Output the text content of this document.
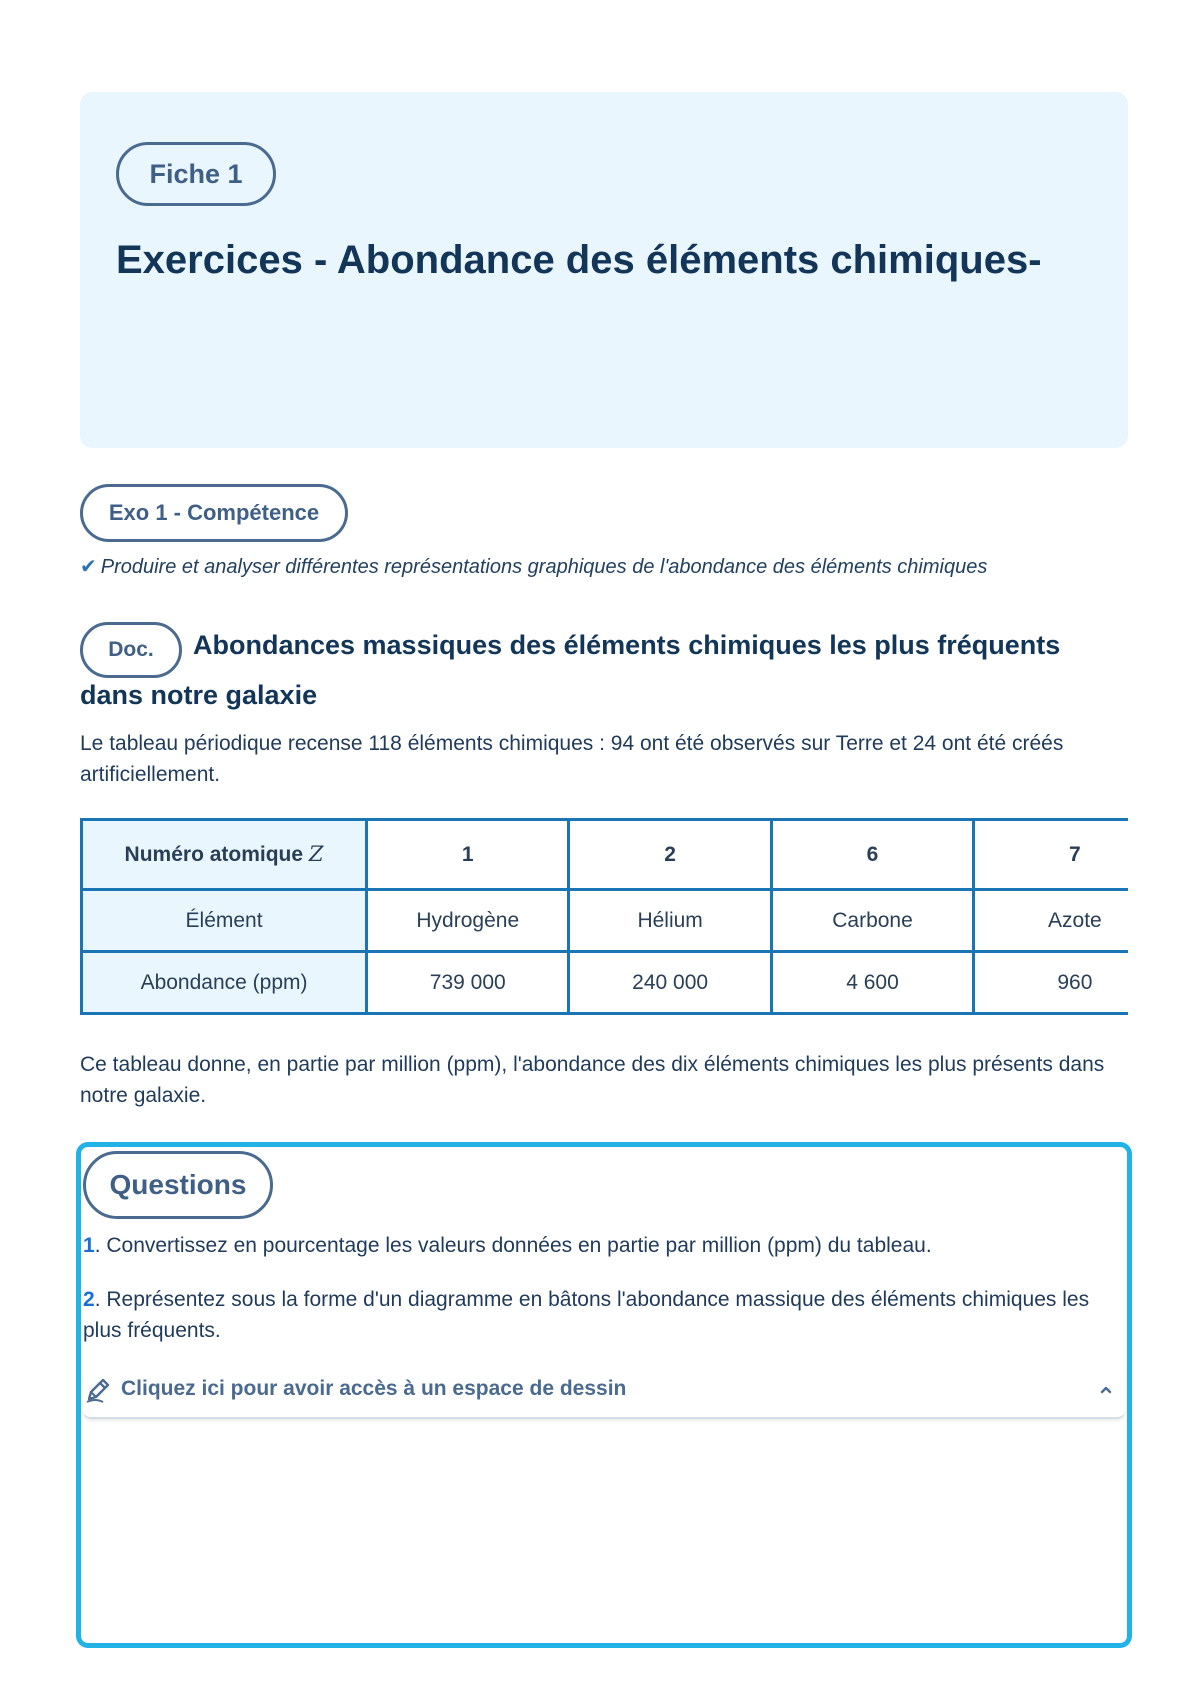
Fiche 1
Exercices - Abondance des éléments chimiques-
Exo 1 - Compétence
✔ Produire et analyser différentes représentations graphiques de l'abondance des éléments chimiques
Doc.	Abondances massiques des éléments chimiques les plus fréquents
dans notre galaxie
Le tableau périodique recense 118 éléments chimiques : 94 ont été observés sur Terre et 24 ont été créés artificiellement.
Numéro atomique Z	1	2	6	7	
Élément	Hydrogène	Hélium	Carbone	Azote	
Abondance (ppm)	739 000	240 000	4 600	960	
Ce tableau donne, en partie par million (ppm), l'abondance des dix éléments chimiques les plus présents dans notre galaxie.
Questions
1. Convertissez en pourcentage les valeurs données en partie par million (ppm) du tableau.
2. Représentez sous la forme d'un diagramme en bâtons l'abondance massique des éléments chimiques les plus fréquents.
Cliquez ici pour avoir accès à un espace de dessin
